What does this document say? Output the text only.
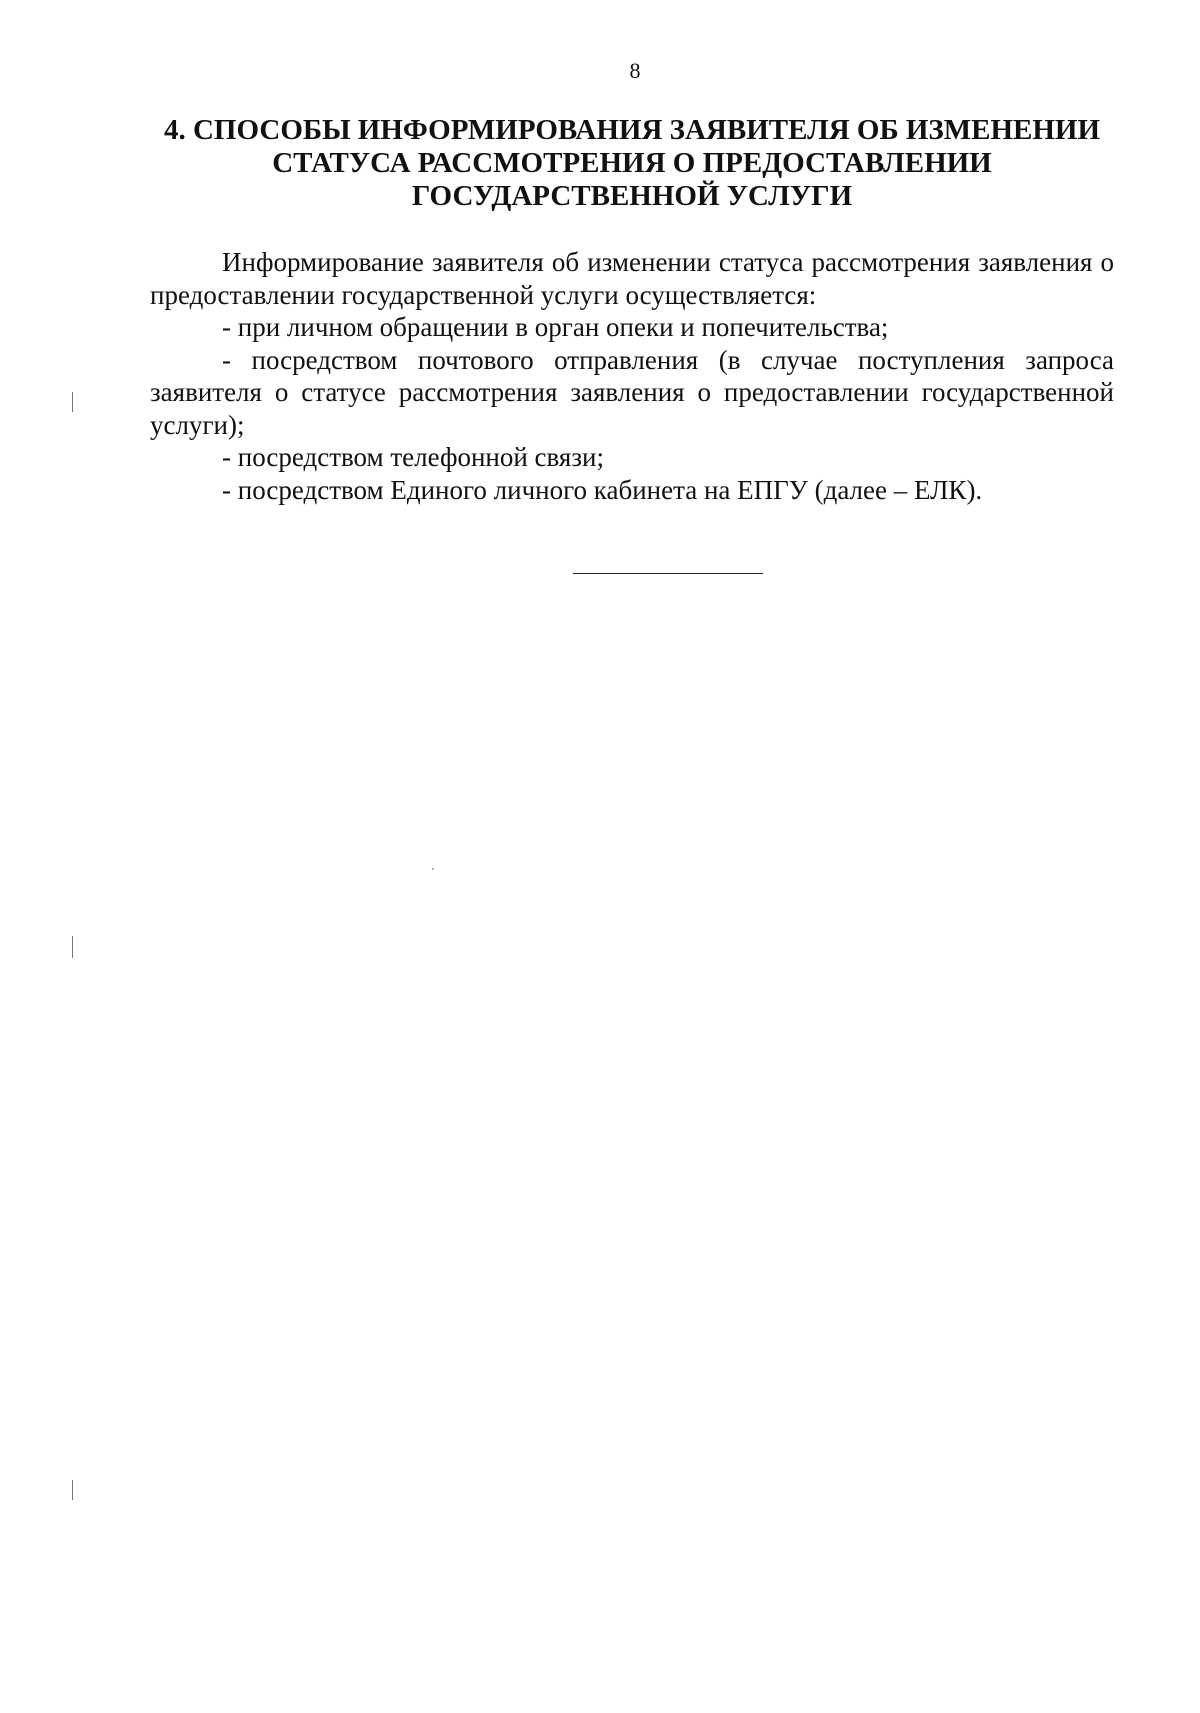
8
4. СПОСОБЫ ИНФОРМИРОВАНИЯ ЗАЯВИТЕЛЯ ОБ ИЗМЕНЕНИИ
СТАТУСА РАССМОТРЕНИЯ О ПРЕДОСТАВЛЕНИИ
ГОСУДАРСТВЕННОЙ УСЛУГИ

Информирование заявителя об изменении статуса рассмотрения заявления о предоставлении государственной услуги осуществляется:

- при личном обращении в орган опеки и попечительства;

- посредством почтового отправления (в случае поступления запроса заявителя о статусе рассмотрения заявления о предоставлении государственной услуги);

- посредством телефонной связи;

- посредством Единого личного кабинета на ЕПГУ (далее – ЕЛК).
